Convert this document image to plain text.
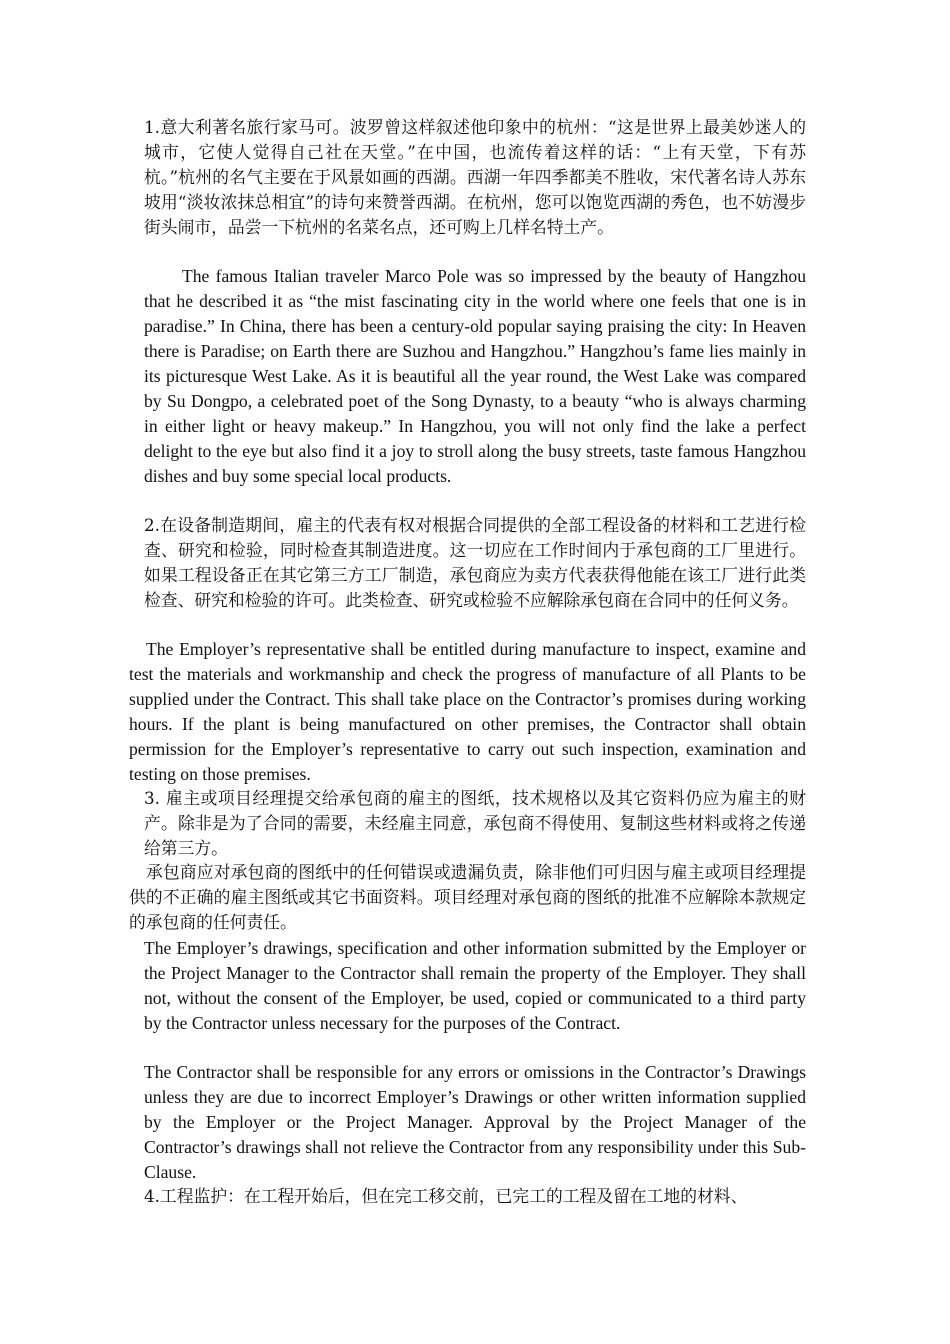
1.意大利著名旅行家马可。波罗曾这样叙述他印象中的杭州：“这是世界上最美妙迷人的城市，它使人觉得自己社在天堂。”在中国，也流传着这样的话：“上有天堂，下有苏杭。”杭州的名气主要在于风景如画的西湖。西湖一年四季都美不胜收，宋代著名诗人苏东坡用“淡妆浓抹总相宜”的诗句来赞誉西湖。在杭州，您可以饱览西湖的秀色，也不妨漫步街头闹市，品尝一下杭州的名菜名点，还可购上几样名特土产。

The famous Italian traveler Marco Pole was so impressed by the beauty of Hangzhou that he described it as “the mist fascinating city in the world where one feels that one is in paradise.” In China, there has been a century-old popular saying praising the city: In Heaven there is Paradise; on Earth there are Suzhou and Hangzhou.” Hangzhou’s fame lies mainly in its picturesque West Lake. As it is beautiful all the year round, the West Lake was compared by Su Dongpo, a celebrated poet of the Song Dynasty, to a beauty “who is always charming in either light or heavy makeup.” In Hangzhou, you will not only find the lake a perfect delight to the eye but also find it a joy to stroll along the busy streets, taste famous Hangzhou dishes and buy some special local products.

2.在设备制造期间，雇主的代表有权对根据合同提供的全部工程设备的材料和工艺进行检查、研究和检验，同时检查其制造进度。这一切应在工作时间内于承包商的工厂里进行。如果工程设备正在其它第三方工厂制造，承包商应为卖方代表获得他能在该工厂进行此类检查、研究和检验的许可。此类检查、研究或检验不应解除承包商在合同中的任何义务。

The Employer’s representative shall be entitled during manufacture to inspect, examine and test the materials and workmanship and check the progress of manufacture of all Plants to be supplied under the Contract. This shall take place on the Contractor’s promises during working hours. If the plant is being manufactured on other premises, the Contractor shall obtain permission for the Employer’s representative to carry out such inspection, examination and testing on those premises.

3. 雇主或项目经理提交给承包商的雇主的图纸，技术规格以及其它资料仍应为雇主的财产。除非是为了合同的需要，未经雇主同意，承包商不得使用、复制这些材料或将之传递给第三方。

承包商应对承包商的图纸中的任何错误或遗漏负责，除非他们可归因与雇主或项目经理提供的不正确的雇主图纸或其它书面资料。项目经理对承包商的图纸的批准不应解除本款规定的承包商的任何责任。

The Employer’s drawings, specification and other information submitted by the Employer or the Project Manager to the Contractor shall remain the property of the Employer. They shall not, without the consent of the Employer, be used, copied or communicated to a third party by the Contractor unless necessary for the purposes of the Contract.

The Contractor shall be responsible for any errors or omissions in the Contractor’s Drawings unless they are due to incorrect Employer’s Drawings or other written information supplied by the Employer or the Project Manager. Approval by the Project Manager of the Contractor’s drawings shall not relieve the Contractor from any responsibility under this Sub-Clause.

4.工程监护：在工程开始后，但在完工移交前，已完工的工程及留在工地的材料、
